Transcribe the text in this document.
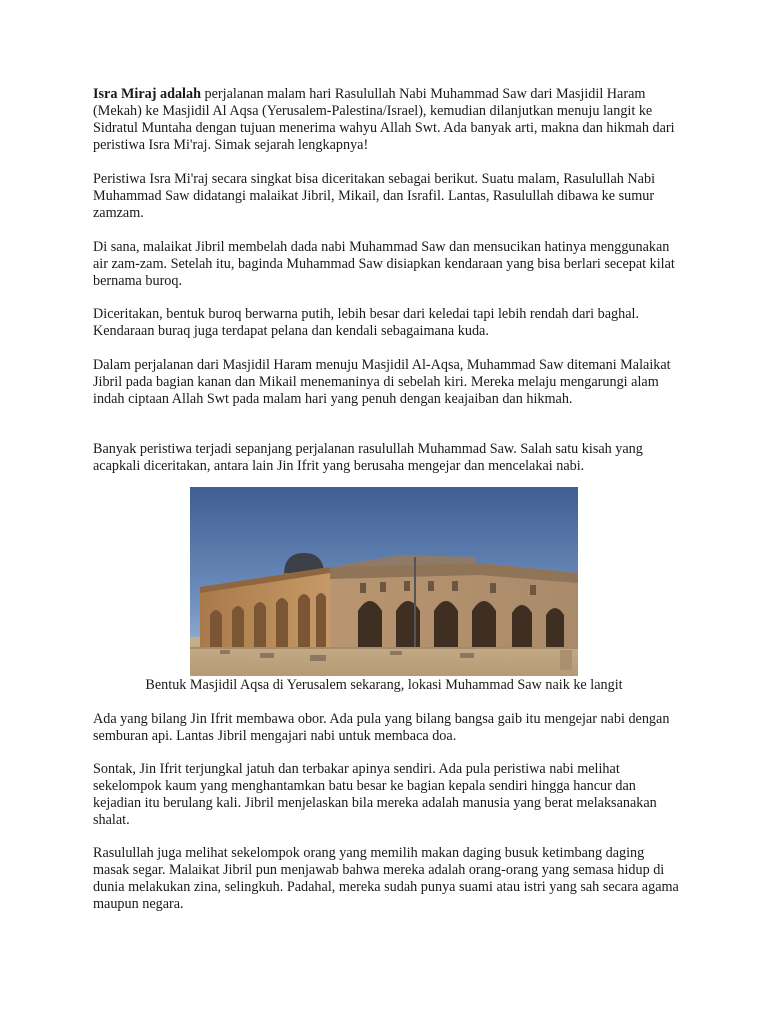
Isra Miraj adalah perjalanan malam hari Rasulullah Nabi Muhammad Saw dari Masjidil Haram (Mekah) ke Masjidil Al Aqsa (Yerusalem-Palestina/Israel), kemudian dilanjutkan menuju langit ke Sidratul Muntaha dengan tujuan menerima wahyu Allah Swt. Ada banyak arti, makna dan hikmah dari peristiwa Isra Mi'raj. Simak sejarah lengkapnya!

Peristiwa Isra Mi'raj secara singkat bisa diceritakan sebagai berikut. Suatu malam, Rasulullah Nabi Muhammad Saw didatangi malaikat Jibril, Mikail, dan Israfil. Lantas, Rasulullah dibawa ke sumur zamzam.

Di sana, malaikat Jibril membelah dada nabi Muhammad Saw dan mensucikan hatinya menggunakan air zam-zam. Setelah itu, baginda Muhammad Saw disiapkan kendaraan yang bisa berlari secepat kilat bernama buroq.

Diceritakan, bentuk buroq berwarna putih, lebih besar dari keledai tapi lebih rendah dari baghal. Kendaraan buraq juga terdapat pelana dan kendali sebagaimana kuda.

Dalam perjalanan dari Masjidil Haram menuju Masjidil Al-Aqsa, Muhammad Saw ditemani Malaikat Jibril pada bagian kanan dan Mikail menemaninya di sebelah kiri. Mereka melaju mengarungi alam indah ciptaan Allah Swt pada malam hari yang penuh dengan keajaiban dan hikmah.

Banyak peristiwa terjadi sepanjang perjalanan rasulullah Muhammad Saw. Salah satu kisah yang acapkali diceritakan, antara lain Jin Ifrit yang berusaha mengejar dan mencelakai nabi.

Bentuk Masjidil Aqsa di Yerusalem sekarang, lokasi Muhammad Saw naik ke langit

Ada yang bilang Jin Ifrit membawa obor. Ada pula yang bilang bangsa gaib itu mengejar nabi dengan semburan api. Lantas Jibril mengajari nabi untuk membaca doa.

Sontak, Jin Ifrit terjungkal jatuh dan terbakar apinya sendiri. Ada pula peristiwa nabi melihat sekelompok kaum yang menghantamkan batu besar ke bagian kepala sendiri hingga hancur dan kejadian itu berulang kali. Jibril menjelaskan bila mereka adalah manusia yang berat melaksanakan shalat.

Rasulullah juga melihat sekelompok orang yang memilih makan daging busuk ketimbang daging masak segar. Malaikat Jibril pun menjawab bahwa mereka adalah orang-orang yang semasa hidup di dunia melakukan zina, selingkuh. Padahal, mereka sudah punya suami atau istri yang sah secara agama maupun negara.
